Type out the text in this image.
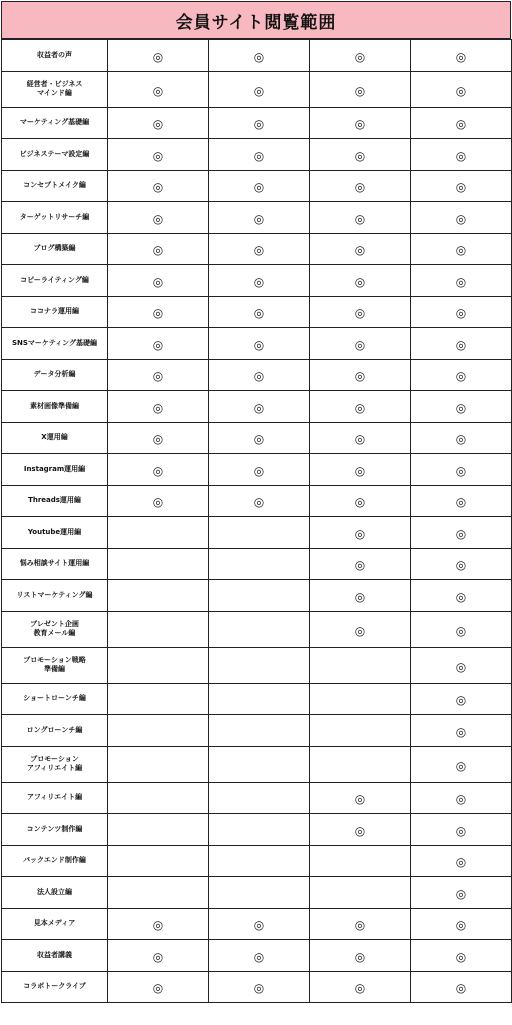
会員サイト閲覧範囲
収益者の声	◎	◎	◎	◎
経営者・ビジネス
マインド編	◎	◎	◎	◎
マーケティング基礎編	◎	◎	◎	◎
ビジネステーマ設定編	◎	◎	◎	◎
コンセプトメイク編	◎	◎	◎	◎
ターゲットリサーチ編	◎	◎	◎	◎
ブログ構築編	◎	◎	◎	◎
コピーライティング編	◎	◎	◎	◎
ココナラ運用編	◎	◎	◎	◎
SNSマーケティング基礎編	◎	◎	◎	◎
データ分析編	◎	◎	◎	◎
素材画像準備編	◎	◎	◎	◎
X運用編	◎	◎	◎	◎
Instagram運用編	◎	◎	◎	◎
Threads運用編	◎	◎	◎	◎
Youtube運用編			◎	◎
悩み相談サイト運用編			◎	◎
リストマーケティング編			◎	◎
プレゼント企画
教育メール編			◎	◎
プロモーション戦略
準備編				◎
ショートローンチ編				◎
ロングローンチ編				◎
プロモーション
アフィリエイト編				◎
アフィリエイト編			◎	◎
コンテンツ制作編			◎	◎
バックエンド制作編				◎
法人設立編				◎
見本メディア	◎	◎	◎	◎
収益者講義	◎	◎	◎	◎
コラボトークライブ	◎	◎	◎	◎
